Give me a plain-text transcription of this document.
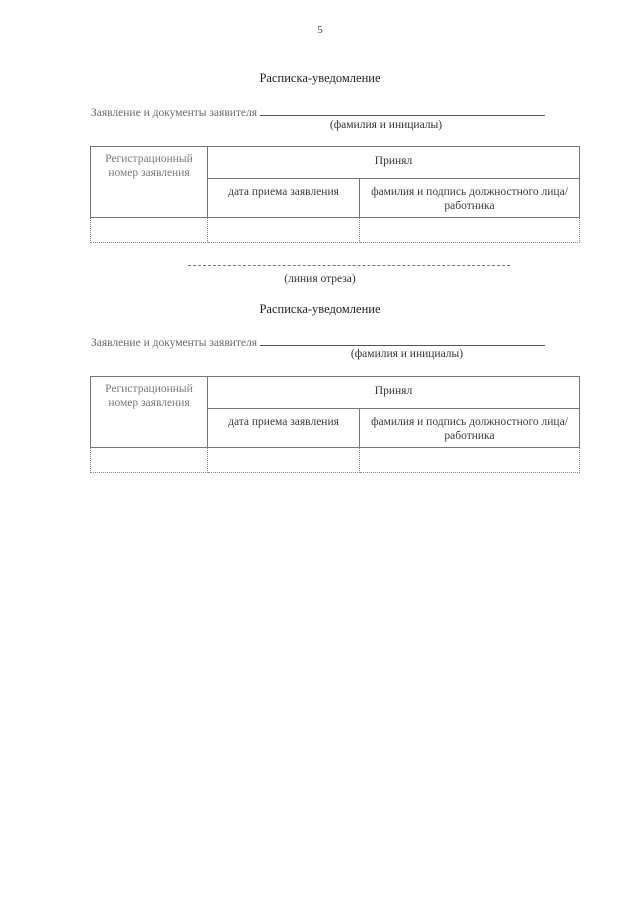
5
Расписка-уведомление
Заявление и документы заявителя
(фамилия и инициалы)
Регистрационный номер заявления	Принял	
	дата приема заявления	фамилия и подпись должностного лица/работника

(линия отреза)
Расписка-уведомление
Заявление и документы заявителя
(фамилия и инициалы)
Регистрационный номер заявления	Принял	
	дата приема заявления	фамилия и подпись должностного лица/работника
